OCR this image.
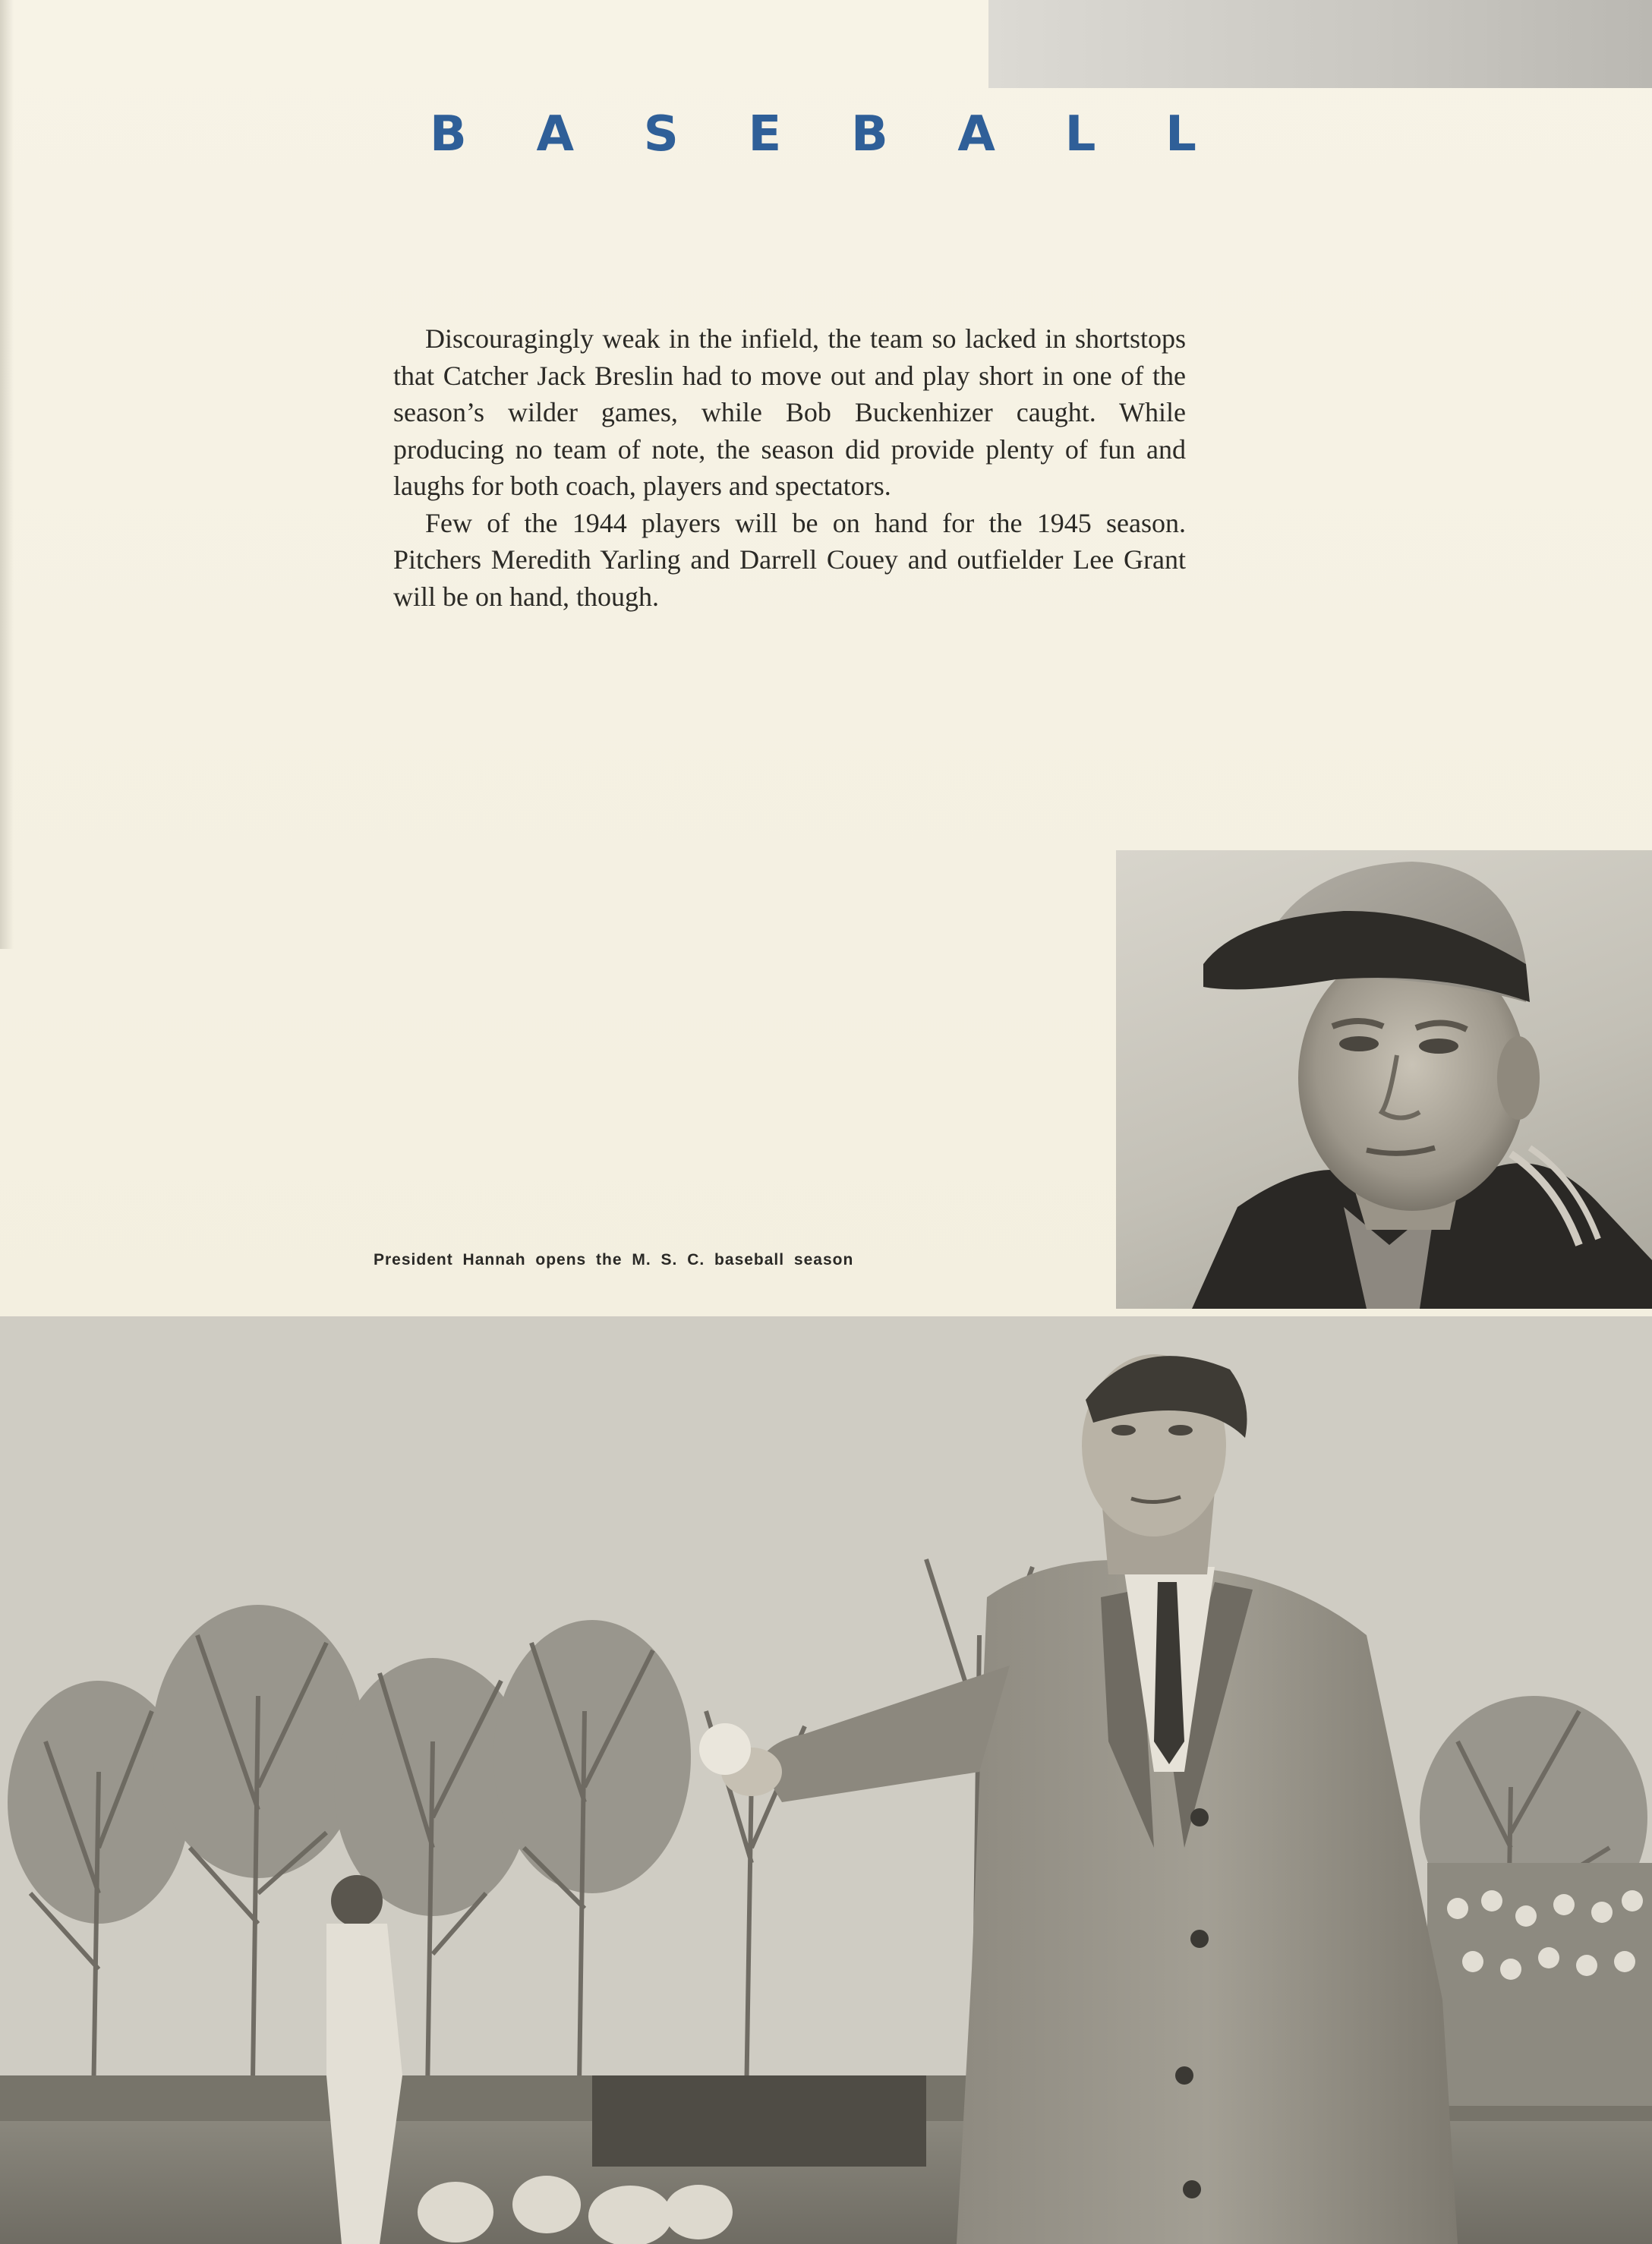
B A S E B A L L

Discouragingly weak in the infield, the team so lacked in shortstops that Catcher Jack Breslin had to move out and play short in one of the season’s wilder games, while Bob Buckenhizer caught. While producing no team of note, the season did provide plenty of fun and laughs for both coach, players and spectators.

Few of the 1944 players will be on hand for the 1945 season. Pitchers Meredith Yarling and Darrell Couey and outfielder Lee Grant will be on hand, though.

President Hannah opens the M. S. C. baseball season
